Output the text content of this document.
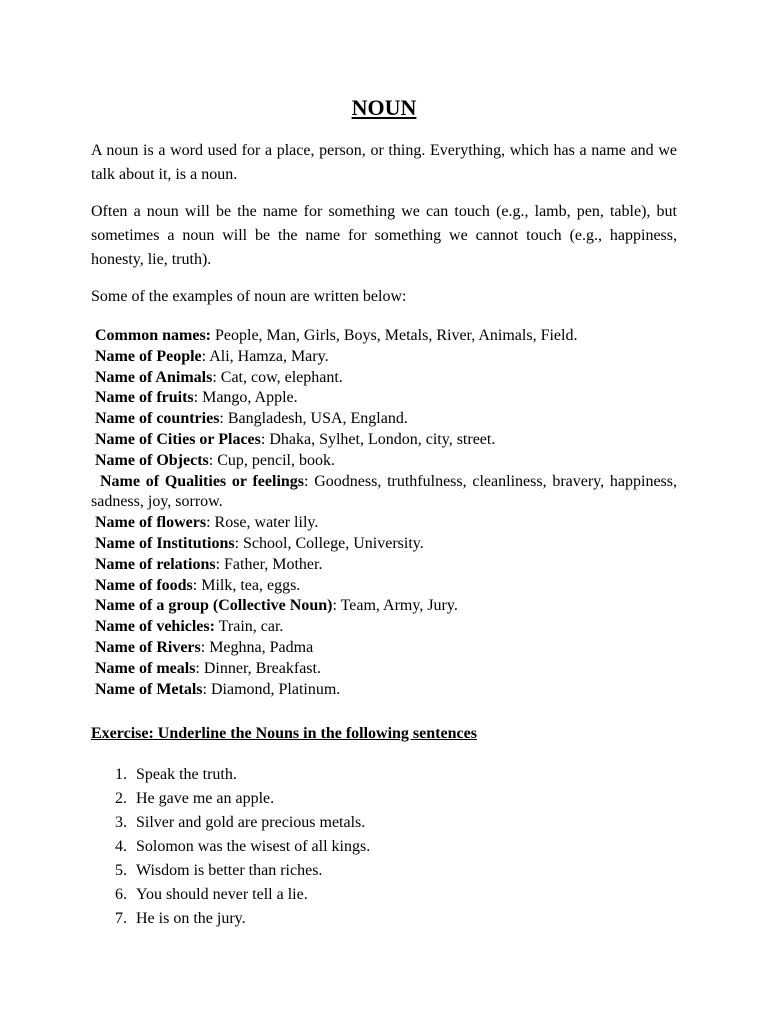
NOUN

A noun is a word used for a place, person, or thing. Everything, which has a name and we talk about it, is a noun.

Often a noun will be the name for something we can touch (e.g., lamb, pen, table), but sometimes a noun will be the name for something we cannot touch (e.g., happiness, honesty, lie, truth).

Some of the examples of noun are written below:

Common names: People, Man, Girls, Boys, Metals, River, Animals, Field.
Name of People: Ali, Hamza, Mary.
Name of Animals: Cat, cow, elephant.
Name of fruits: Mango, Apple.
Name of countries: Bangladesh, USA, England.
Name of Cities or Places: Dhaka, Sylhet, London, city, street.
Name of Objects: Cup, pencil, book.
Name of Qualities or feelings: Goodness, truthfulness, cleanliness, bravery, happiness, sadness, joy, sorrow.
Name of flowers: Rose, water lily.
Name of Institutions: School, College, University.
Name of relations: Father, Mother.
Name of foods: Milk, tea, eggs.
Name of a group (Collective Noun): Team, Army, Jury.
Name of vehicles: Train, car.
Name of Rivers: Meghna, Padma
Name of meals: Dinner, Breakfast.
Name of Metals: Diamond, Platinum.

Exercise: Underline the Nouns in the following sentences

1. Speak the truth.
2. He gave me an apple.
3. Silver and gold are precious metals.
4. Solomon was the wisest of all kings.
5. Wisdom is better than riches.
6. You should never tell a lie.
7. He is on the jury.
